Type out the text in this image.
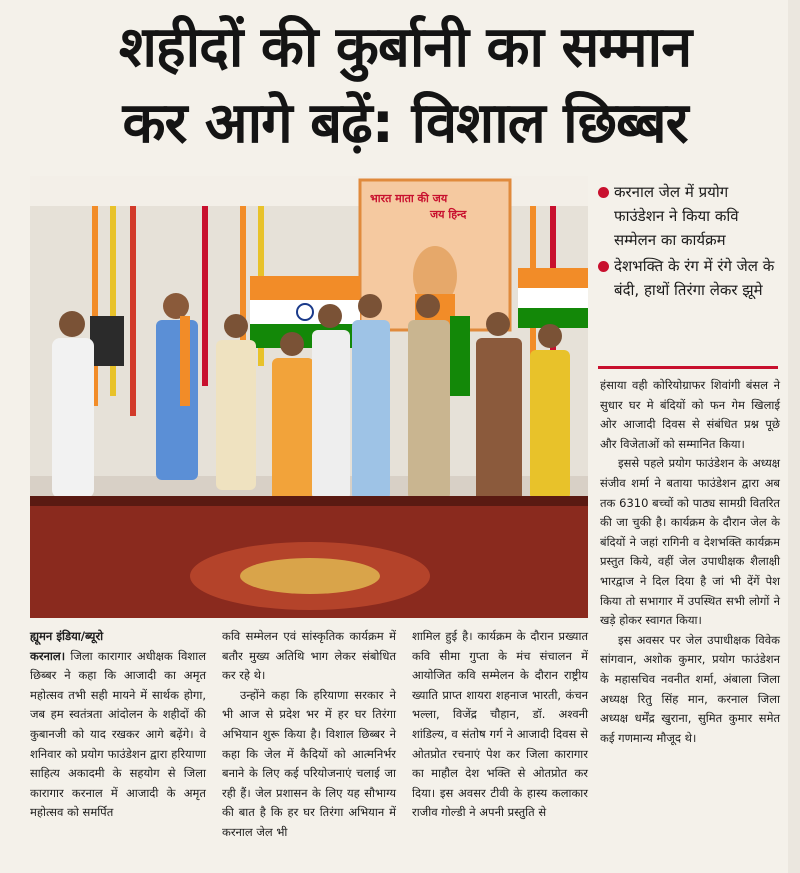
शहीदों की कुर्बानी का सम्मान
कर आगे बढ़ें: विशाल छिब्बर
भारत माता की जय
जय हिन्द
करनाल जेल में प्रयोग फाउंडेशन ने किया कवि सम्मेलन का कार्यक्रम
देशभक्ति के रंग में रंगे जेल के बंदी, हाथों तिरंगा लेकर झूमे

हंसाया वही कोरियोग्राफर शिवांगी बंसल ने सुधार घर मे बंदियों को फन गेम खिलाई ओर आजादी दिवस से संबंधित प्रश्न पूछे और विजेताओं को सम्मानित किया।

इससे पहले प्रयोग फाउंडेशन के अध्यक्ष संजीव शर्मा ने बताया फाउंडेशन द्वारा अब तक 6310 बच्चों को पाठ्य सामग्री वितरित की जा चुकी है। कार्यक्रम के दौरान जेल के बंदियों ने जहां रागिनी व देशभक्ति कार्यक्रम प्रस्तुत किये, वहीं जेल उपाधीक्षक शैलाक्षी भारद्वाज ने दिल दिया है जां भी देंगें पेश किया तो सभागार में उपस्थित सभी लोगों ने खड़े होकर स्वागत किया।

इस अवसर पर जेल उपाधीक्षक विवेक सांगवान, अशोक कुमार, प्रयोग फाउंडेशन के महासचिव नवनीत शर्मा, अंबाला जिला अध्यक्ष रितु सिंह मान, करनाल जिला अध्यक्ष धर्मेंद्र खुराना, सुमित कुमार समेत कई गणमान्य मौजूद थे।

ह्यूमन इंडिया/ब्यूरो

करनाल। जिला कारागार अधीक्षक विशाल छिब्बर ने कहा कि आजादी का अमृत महोत्सव तभी सही मायने में सार्थक होगा, जब हम स्वतंत्रता आंदोलन के शहीदों की कुबानजी को याद रखकर आगे बढ़ेंगे। वे शनिवार को प्रयोग फाउंडेशन द्वारा हरियाणा साहित्य अकादमी के सहयोग से जिला कारागार करनाल में आजादी के अमृत महोत्सव को समर्पित

कवि सम्मेलन एवं सांस्कृतिक कार्यक्रम में बतौर मुख्य अतिथि भाग लेकर संबोधित कर रहे थे।

उन्होंने कहा कि हरियाणा सरकार ने भी आज से प्रदेश भर में हर घर तिरंगा अभियान शुरू किया है। विशाल छिब्बर ने कहा कि जेल में कैदियों को आत्मनिर्भर बनाने के लिए कई परियोजनाएं चलाई जा रही हैं। जेल प्रशासन के लिए यह सौभाग्य की बात है कि हर घर तिरंगा अभियान में करनाल जेल भी

शामिल हुई है। कार्यक्रम के दौरान प्रख्यात कवि सीमा गुप्ता के मंच संचालन में आयोजित कवि सम्मेलन के दौरान राष्ट्रीय ख्याति प्राप्त शायरा शहनाज भारती, कंचन भल्ला, विजेंद्र चौहान, डॉ. अश्वनी शांडिल्य, व संतोष गर्ग ने आजादी दिवस से ओतप्रोत रचनाएं पेश कर जिला कारागार का माहौल देश भक्ति से ओतप्रोत कर दिया। इस अवसर टीवी के हास्य कलाकार राजीव गोल्डी ने अपनी प्रस्तुति से
